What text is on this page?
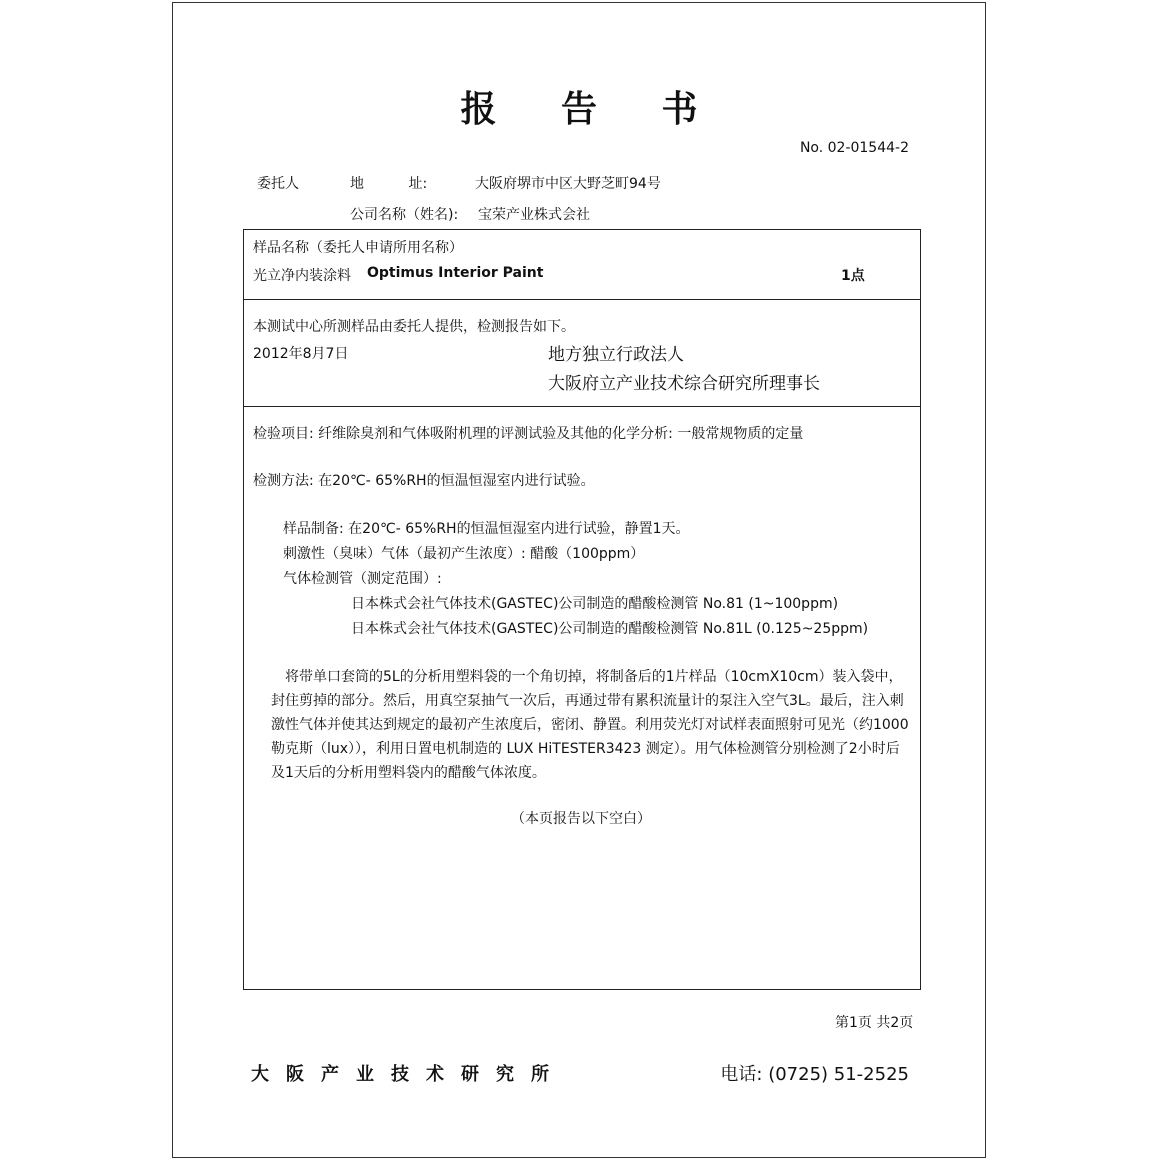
报 告 书
No. 02-01544-2
委托人	地          址:	大阪府堺市中区大野芝町94号
公司名称（姓名): 宝荣产业株式会社
样品名称（委托人申请所用名称）
光立净内装涂料 Optimus Interior Paint	1点
本测试中心所测样品由委托人提供，检测报告如下。
2012年8月7日	地方独立行政法人
大阪府立产业技术综合研究所理事长
检验项目: 纤维除臭剂和气体吸附机理的评测试验及其他的化学分析: 一般常规物质的定量
检测方法: 在20℃- 65%RH的恒温恒湿室内进行试验。
样品制备: 在20℃- 65%RH的恒温恒湿室内进行试验，静置1天。
刺激性（臭味）气体（最初产生浓度）: 醋酸（100ppm）
气体检测管（测定范围）:
日本株式会社气体技术(GASTEC)公司制造的醋酸检测管 No.81 (1~100ppm)
日本株式会社气体技术(GASTEC)公司制造的醋酸检测管 No.81L (0.125~25ppm)
将带单口套筒的5L的分析用塑料袋的一个角切掉，将制备后的1片样品（10cmX10cm）装入袋中，封住剪掉的部分。然后，用真空泵抽气一次后，再通过带有累积流量计的泵注入空气3L。最后，注入刺激性气体并使其达到规定的最初产生浓度后，密闭、静置。利用荧光灯对试样表面照射可见光（约1000勒克斯（lux）），利用日置电机制造的 LUX HiTESTER3423 测定）。用气体检测管分别检测了2小时后及1天后的分析用塑料袋内的醋酸气体浓度。
（本页报告以下空白）
第1页 共2页
大阪产业技术研究所	电话: (0725) 51-2525
